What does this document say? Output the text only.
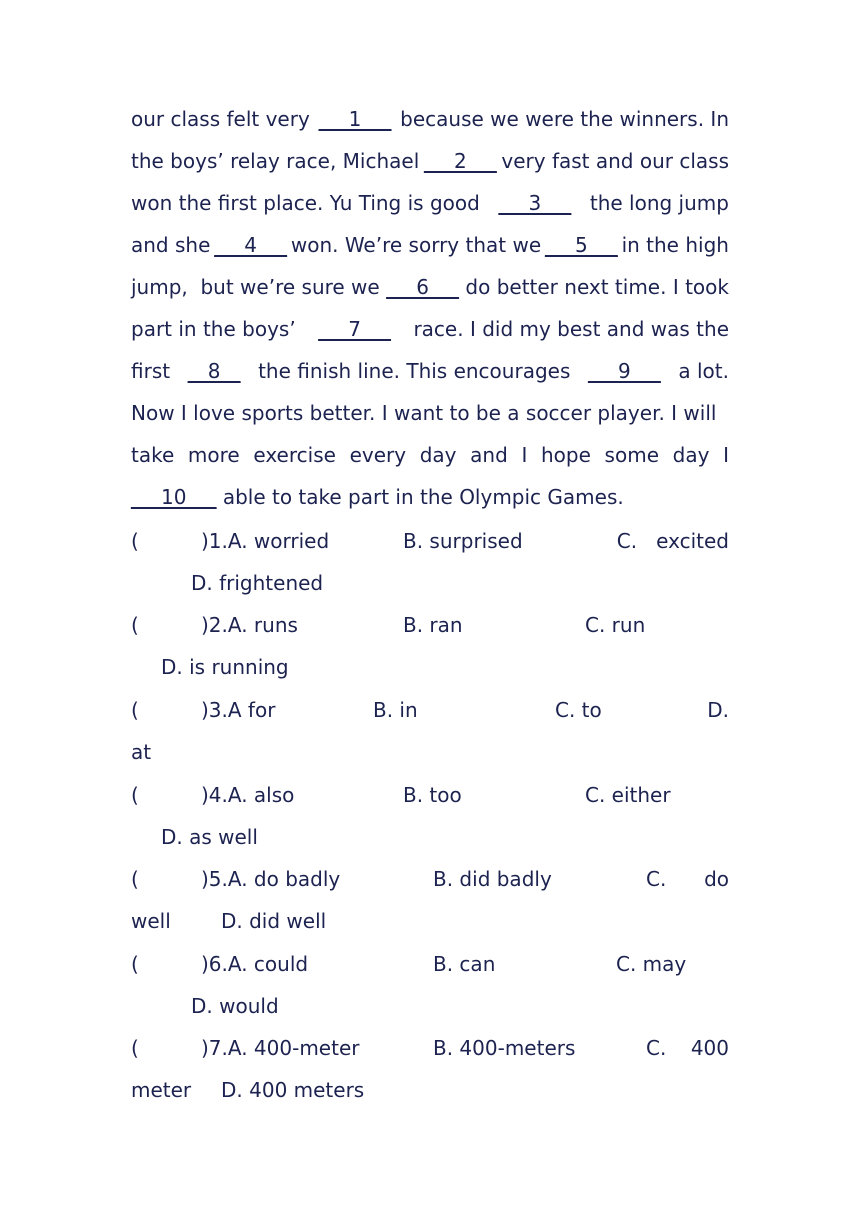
our class felt very ___1___ because we were the winners. In
the boys’ relay race, Michael ___2___ very fast and our class
won the first place. Yu Ting is good ___3___ the long jump
and she ___4___ won. We’re sorry that we ___5___ in the high
jump,  but we’re sure we ___6___ do better next time. I took
part in the boys’ ___7___ race. I did my best and was the
first __8__ the finish line. This encourages ___9___ a lot.
Now I love sports better. I want to be a soccer player. I will
take more exercise every day and I hope some day I
___10___ able to take part in the Olympic Games.
(	)1.A. worried	B. surprised	C.   excited
D. frightened
(	)2.A. runs	B. ran	C. run
D. is running
(	)3.A for	B. in	C. to	D.
at
(	)4.A. also	B. too	C. either
D. as well
(	)5.A. do badly	B. did badly	C. do
well	D. did well
(	)6.A. could	B. can	C. may
D. would
(	)7.A. 400-meter	B. 400-meters	C. 400
meter D. 400 meters
